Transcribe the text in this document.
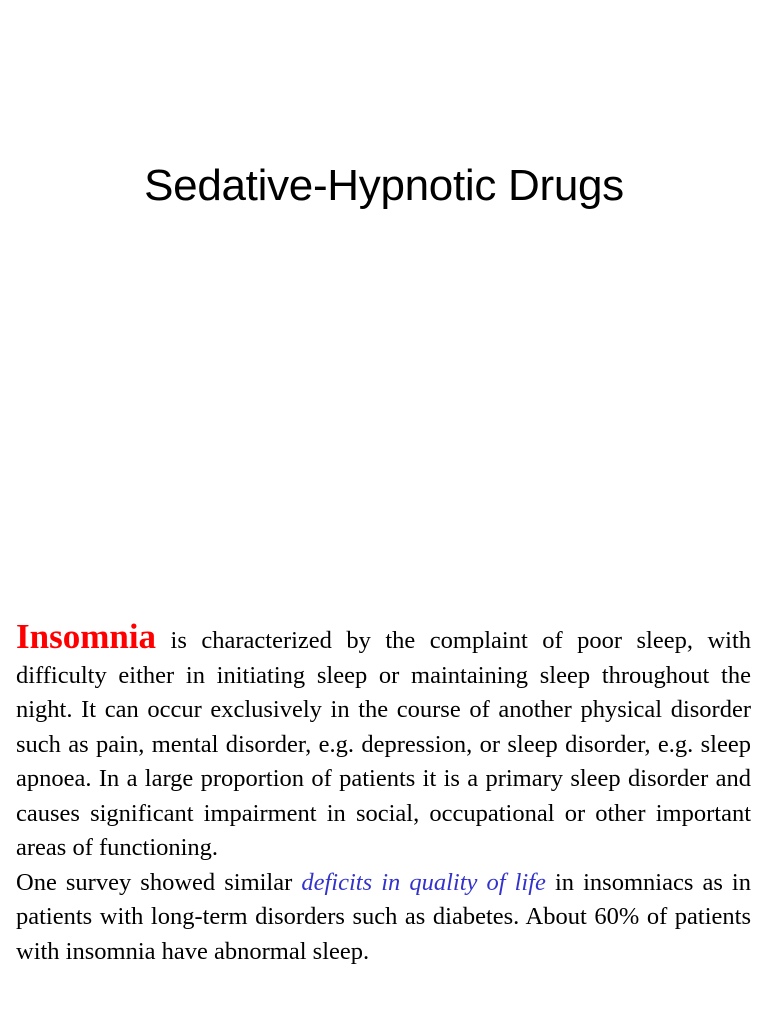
Sedative-Hypnotic Drugs

Insomnia is characterized by the complaint of poor sleep, with difficulty either in initiating sleep or maintaining sleep throughout the night. It can occur exclusively in the course of another physical disorder such as pain, mental disorder, e.g. depression, or sleep disorder, e.g. sleep apnoea. In a large proportion of patients it is a primary sleep disorder and causes significant impairment in social, occupational or other important areas of functioning.

One survey showed similar deficits in quality of life in insomniacs as in patients with long-term disorders such as diabetes. About 60% of patients with insomnia have abnormal sleep.
